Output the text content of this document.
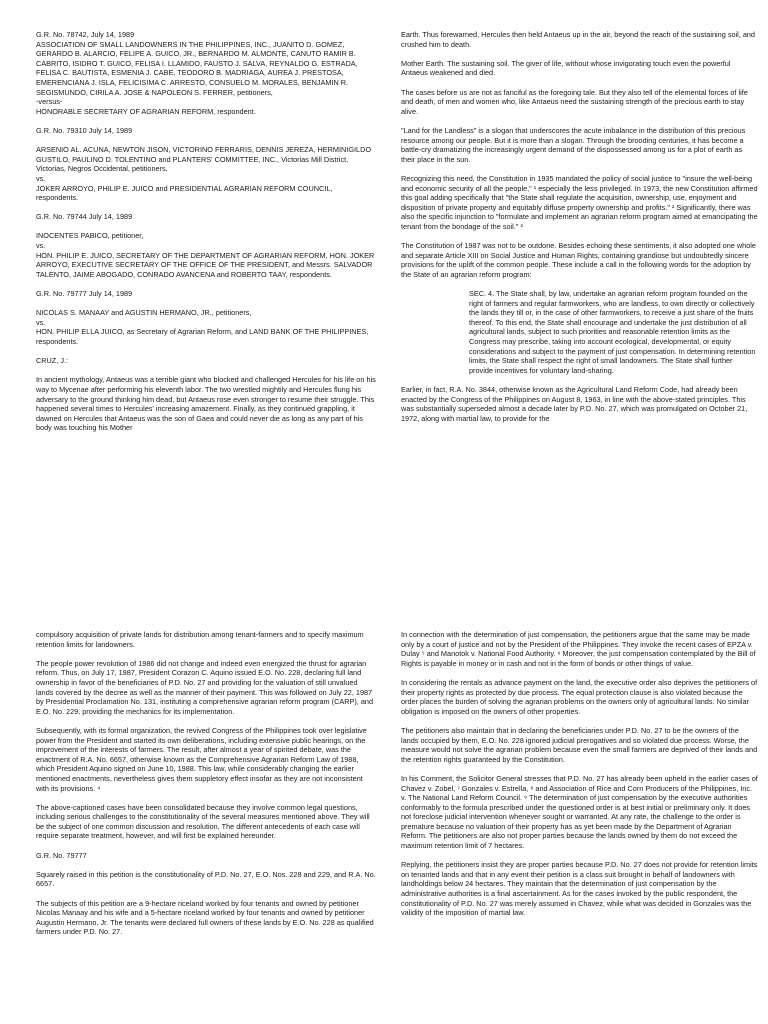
G.R. No. 78742, July 14, 1989
ASSOCIATION OF SMALL LANDOWNERS IN THE PHILIPPINES, INC., JUANITO D. GOMEZ, GERARDO B. ALARCIO, FELIPE A. GUICO, JR., BERNARDO M. ALMONTE, CANUTO RAMIR B. CABRITO, ISIDRO T. GUICO, FELISA I. LLAMIDO, FAUSTO J. SALVA, REYNALDO G. ESTRADA, FELISA C. BAUTISTA, ESMENIA J. CABE, TEODORO B. MADRIAGA, AUREA J. PRESTOSA, EMERENCIANA J. ISLA, FELICISIMA C. ARRESTO, CONSUELO M. MORALES, BENJAMIN R. SEGISMUNDO, CIRILA A. JOSE & NAPOLEON S. FERRER, petitioners,
-versus-
HONORABLE SECRETARY OF AGRARIAN REFORM, respondent.

G.R. No. 79310 July 14, 1989

ARSENIO AL. ACUNA, NEWTON JISON, VICTORINO FERRARIS, DENNIS JEREZA, HERMINIGILDO GUSTILO, PAULINO D. TOLENTINO and PLANTERS' COMMITTEE, INC., Victorias Mill District, Victorias, Negros Occidental, petitioners,
vs.
JOKER ARROYO, PHILIP E. JUICO and PRESIDENTIAL AGRARIAN REFORM COUNCIL, respondents.

G.R. No. 79744 July 14, 1989

INOCENTES PABICO, petitioner,
vs.
HON. PHILIP E. JUICO, SECRETARY OF THE DEPARTMENT OF AGRARIAN REFORM, HON. JOKER ARROYO, EXECUTIVE SECRETARY OF THE OFFICE OF THE PRESIDENT, and Messrs. SALVADOR TALENTO, JAIME ABOGADO, CONRADO AVANCENA and ROBERTO TAAY, respondents.

G.R. No. 79777 July 14, 1989

NICOLAS S. MANAAY and AGUSTIN HERMANO, JR., petitioners,
vs.
HON. PHILIP ELLA JUICO, as Secretary of Agrarian Reform, and LAND BANK OF THE PHILIPPINES, respondents.

CRUZ, J.:

In ancient mythology, Antaeus was a terrible giant who blocked and challenged Hercules for his life on his way to Mycenae after performing his eleventh labor. The two wrestled mightily and Hercules flung his adversary to the ground thinking him dead, but Antaeus rose even stronger to resume their struggle. This happened several times to Hercules' increasing amazement. Finally, as they continued grappling, it dawned on Hercules that Antaeus was the son of Gaea and could never die as long as any part of his body was touching his Mother

Earth. Thus forewarned, Hercules then held Antaeus up in the air, beyond the reach of the sustaining soil, and crushed him to death.

Mother Earth. The sustaining soil. The giver of life, without whose invigorating touch even the powerful Antaeus weakened and died.

The cases before us are not as fanciful as the foregoing tale. But they also tell of the elemental forces of life and death, of men and women who, like Antaeus need the sustaining strength of the precious earth to stay alive.

"Land for the Landless" is a slogan that underscores the acute imbalance in the distribution of this precious resource among our people. But it is more than a slogan. Through the brooding centuries, it has become a battle-cry dramatizing the increasingly urgent demand of the dispossessed among us for a plot of earth as their place in the sun.

Recognizing this need, the Constitution in 1935 mandated the policy of social justice to "insure the well-being and economic security of all the people," ¹ especially the less privileged. In 1973, the new Constitution affirmed this goal adding specifically that "the State shall regulate the acquisition, ownership, use, enjoyment and disposition of private property and equitably diffuse property ownership and profits." ² Significantly, there was also the specific injunction to "formulate and implement an agrarian reform program aimed at emancipating the tenant from the bondage of the soil." ³

The Constitution of 1987 was not to be outdone. Besides echoing these sentiments, it also adopted one whole and separate Article XIII on Social Justice and Human Rights, containing grandiose but undoubtedly sincere provisions for the uplift of the common people. These include a call in the following words for the adoption by the State of an agrarian reform program:

SEC. 4. The State shall, by law, undertake an agrarian reform program founded on the right of farmers and regular farmworkers, who are landless, to own directly or collectively the lands they till or, in the case of other farmworkers, to receive a just share of the fruits thereof. To this end, the State shall encourage and undertake the just distribution of all agricultural lands, subject to such priorities and reasonable retention limits as the Congress may prescribe, taking into account ecological, developmental, or equity considerations and subject to the payment of just compensation. In determining retention limits, the State shall respect the right of small landowners. The State shall further provide incentives for voluntary land-sharing.

Earlier, in fact, R.A. No. 3844, otherwise known as the Agricultural Land Reform Code, had already been enacted by the Congress of the Philippines on August 8, 1963, in line with the above-stated principles. This was substantially superseded almost a decade later by P.D. No. 27, which was promulgated on October 21, 1972, along with martial law, to provide for the

compulsory acquisition of private lands for distribution among tenant-farmers and to specify maximum retention limits for landowners.

The people power revolution of 1986 did not change and indeed even energized the thrust for agrarian reform. Thus, on July 17, 1987, President Corazon C. Aquino issued E.O. No. 228, declaring full land ownership in favor of the beneficiaries of P.D. No. 27 and providing for the valuation of still unvalued lands covered by the decree as well as the manner of their payment. This was followed on July 22, 1987 by Presidential Proclamation No. 131, instituting a comprehensive agrarian reform program (CARP), and E.O. No. 229, providing the mechanics for its implementation.

Subsequently, with its formal organization, the revived Congress of the Philippines took over legislative power from the President and started its own deliberations, including extensive public hearings, on the improvement of the interests of farmers. The result, after almost a year of spirited debate, was the enactment of R.A. No. 6657, otherwise known as the Comprehensive Agrarian Reform Law of 1988, which President Aquino signed on June 10, 1988. This law, while considerably changing the earlier mentioned enactments, nevertheless gives them suppletory effect insofar as they are not inconsistent with its provisions. ⁴

The above-captioned cases have been consolidated because they involve common legal questions, including serious challenges to the constitutionality of the several measures mentioned above. They will be the subject of one common discussion and resolution, The different antecedents of each case will require separate treatment, however, and will first be explained hereunder.

G.R. No. 79777

Squarely raised in this petition is the constitutionality of P.D. No. 27, E.O. Nos. 228 and 229, and R.A. No. 6657.

The subjects of this petition are a 9-hectare riceland worked by four tenants and owned by petitioner Nicolas Manaay and his wife and a 5-hectare riceland worked by four tenants and owned by petitioner Augustin Hermano, Jr. The tenants were declared full owners of these lands by E.O. No. 228 as qualified farmers under P.D. No. 27.

In connection with the determination of just compensation, the petitioners argue that the same may be made only by a court of justice and not by the President of the Philippines. They invoke the recent cases of EPZA v. Dulay ⁵ and Manotok v. National Food Authority. ⁶ Moreover, the just compensation contemplated by the Bill of Rights is payable in money or in cash and not in the form of bonds or other things of value.

In considering the rentals as advance payment on the land, the executive order also deprives the petitioners of their property rights as protected by due process. The equal protection clause is also violated because the order places the burden of solving the agrarian problems on the owners only of agricultural lands. No similar obligation is imposed on the owners of other properties.

The petitioners also maintain that in declaring the beneficiaries under P.D. No. 27 to be the owners of the lands occupied by them, E.O. No. 228 ignored judicial prerogatives and so violated due process. Worse, the measure would not solve the agrarian problem because even the small farmers are deprived of their lands and the retention rights guaranteed by the Constitution.

In his Comment, the Solicitor General stresses that P.D. No. 27 has already been upheld in the earlier cases of Chavez v. Zobel, ⁷ Gonzales v. Estrella, ⁸ and Association of Rice and Corn Producers of the Philippines, Inc. v. The National Land Reform Council. ⁹ The determination of just compensation by the executive authorities conformably to the formula prescribed under the questioned order is at best initial or preliminary only. It does not foreclose judicial intervention whenever sought or warranted. At any rate, the challenge to the order is premature because no valuation of their property has as yet been made by the Department of Agrarian Reform. The petitioners are also not proper parties because the lands owned by them do not exceed the maximum retention limit of 7 hectares.

Replying, the petitioners insist they are proper parties because P.D. No. 27 does not provide for retention limits on tenanted lands and that in any event their petition is a class suit brought in behalf of landowners with landholdings below 24 hectares. They maintain that the determination of just compensation by the administrative authorities is a final ascertainment. As for the cases invoked by the public respondent, the constitutionality of P.D. No. 27 was merely assumed in Chavez, while what was decided in Gonzales was the validity of the imposition of martial law.
